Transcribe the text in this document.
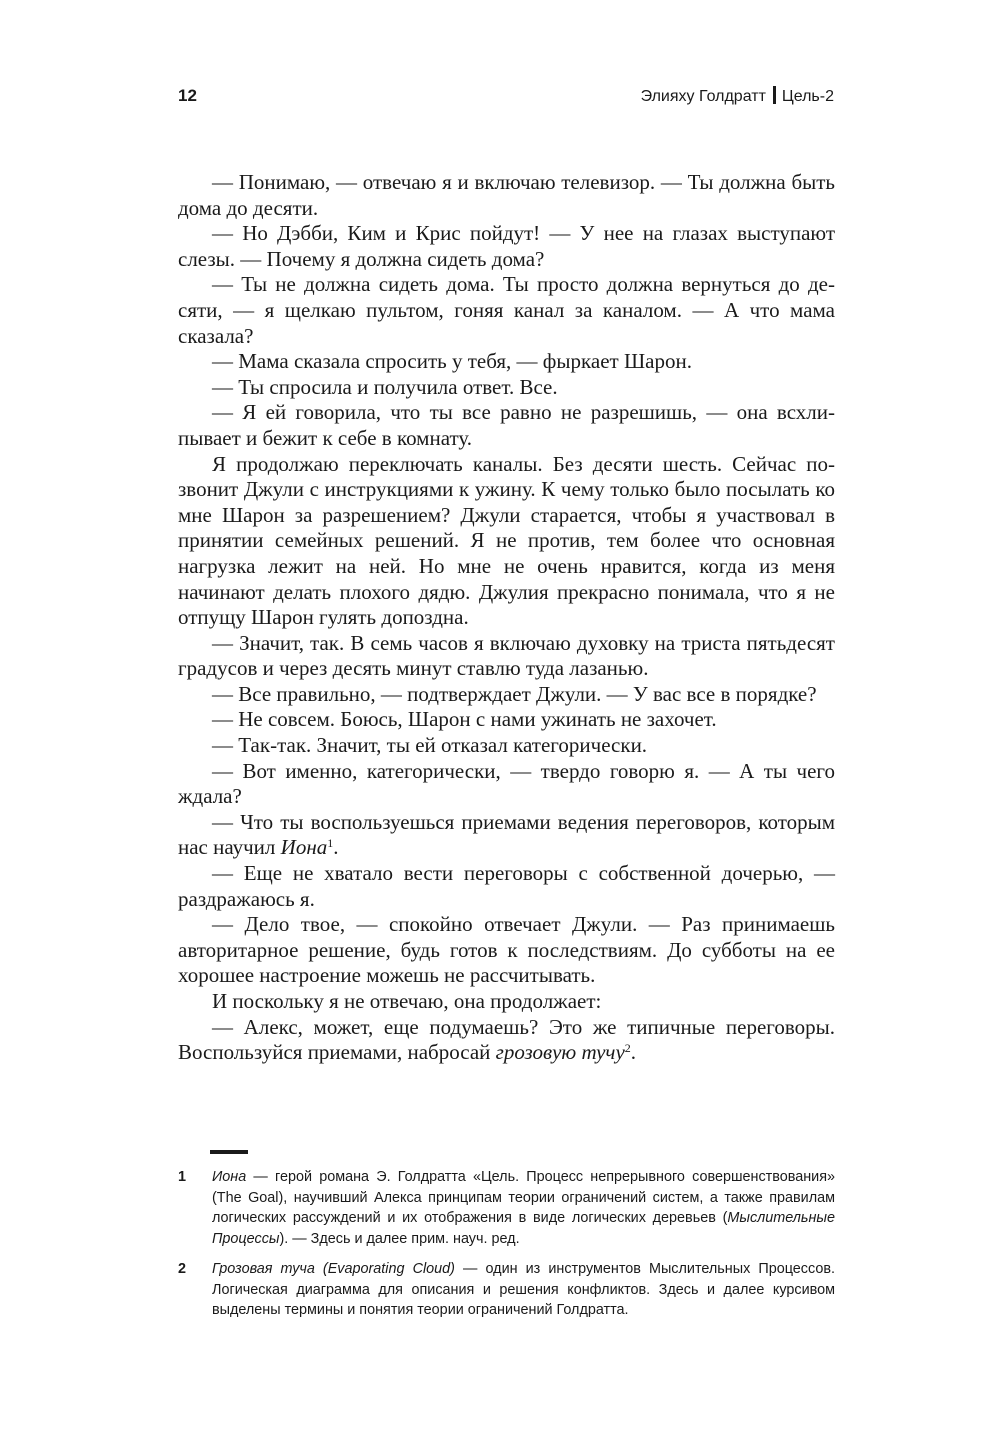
12	Элияху Голдратт Цель-2

— Понимаю, — отвечаю я и включаю телевизор. — Ты должна быть дома до десяти.

— Но Дэбби, Ким и Крис пойдут! — У нее на глазах выступают слезы. — Почему я должна сидеть дома?

— Ты не должна сидеть дома. Ты просто должна вернуться до десяти, — я щелкаю пультом, гоняя канал за каналом. — А что мама сказала?

— Мама сказала спросить у тебя, — фыркает Шарон.

— Ты спросила и получила ответ. Все.

— Я ей говорила, что ты все равно не разрешишь, — она всхлипывает и бежит к себе в комнату.

Я продолжаю переключать каналы. Без десяти шесть. Сейчас позвонит Джули с инструкциями к ужину. К чему только было посылать ко мне Шарон за разрешением? Джули старается, чтобы я участвовал в принятии семейных решений. Я не против, тем более что основная нагрузка лежит на ней. Но мне не очень нравится, когда из меня начинают делать плохого дядю. Джулия прекрасно понимала, что я не отпущу Шарон гулять допоздна.

— Значит, так. В семь часов я включаю духовку на триста пятьдесят градусов и через десять минут ставлю туда лазанью.

— Все правильно, — подтверждает Джули. — У вас все в порядке?

— Не совсем. Боюсь, Шарон с нами ужинать не захочет.

— Так-так. Значит, ты ей отказал категорически.

— Вот именно, категорически, — твердо говорю я. — А ты чего ждала?

— Что ты воспользуешься приемами ведения переговоров, которым нас научил Иона$^1$.

— Еще не хватало вести переговоры с собственной дочерью, — раздражаюсь я.

— Дело твое, — спокойно отвечает Джули. — Раз принимаешь авторитарное решение, будь готов к последствиям. До субботы на ее хорошее настроение можешь не рассчитывать.

И поскольку я не отвечаю, она продолжает:

— Алекс, может, еще подумаешь? Это же типичные переговоры. Воспользуйся приемами, набросай грозовую тучу$^2$.

1 Иона — герой романа Э. Голдратта «Цель. Процесс непрерывного совершенствования» (The Goal), научивший Алекса принципам теории ограничений систем, а также правилам логических рассуждений и их отображения в виде логических деревьев (Мыслительные Процессы). — Здесь и далее прим. науч. ред.
2 Грозовая туча (Evaporating Cloud) — один из инструментов Мыслительных Процессов. Логическая диаграмма для описания и решения конфликтов. Здесь и далее курсивом выделены термины и понятия теории ограничений Голдратта.
